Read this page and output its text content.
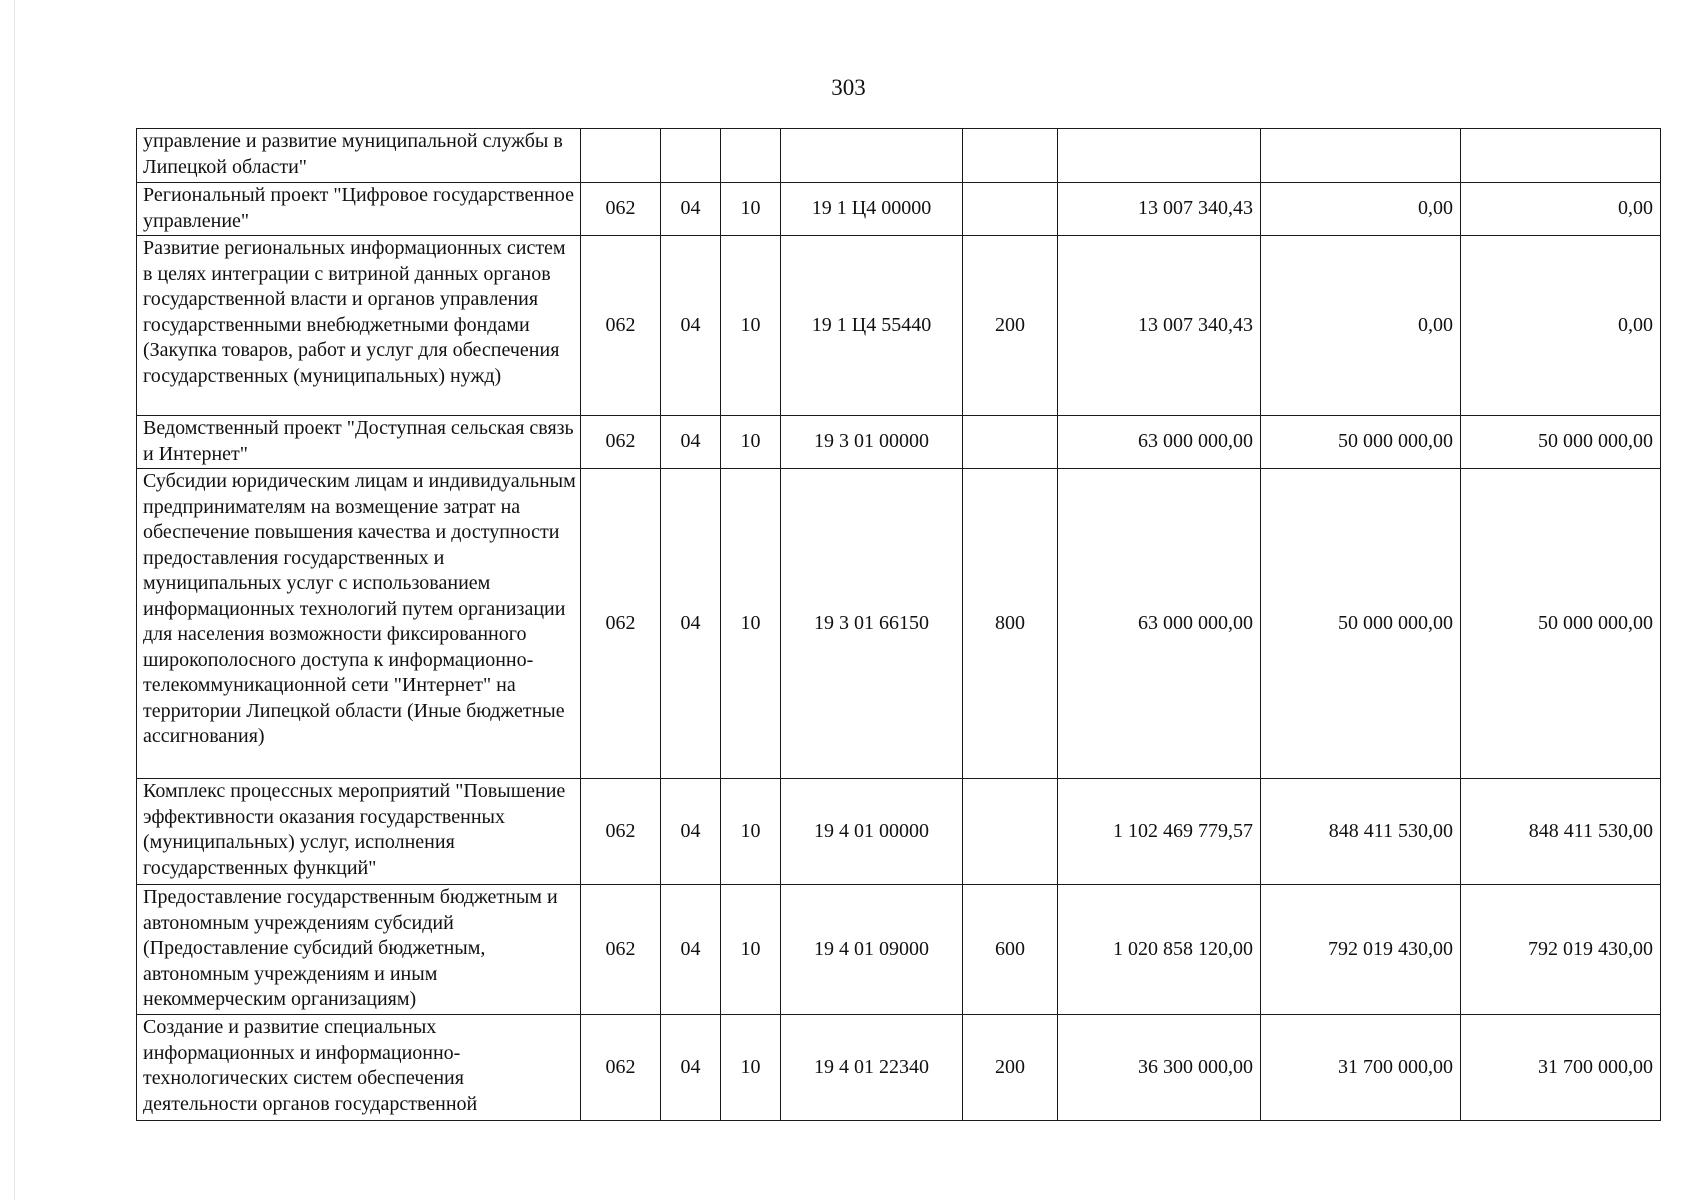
303
управление и развитие муниципальной службы в Липецкой области"								
Региональный проект "Цифровое государственное управление"	062	04	10	19 1 Ц4 00000		13 007 340,43	0,00	0,00
Развитие региональных информационных систем в целях интеграции с витриной данных органов государственной власти и органов управления государственными внебюджетными фондами (Закупка товаров, работ и услуг для обеспечения государственных (муниципальных) нужд)	062	04	10	19 1 Ц4 55440	200	13 007 340,43	0,00	0,00
Ведомственный проект "Доступная сельская связь и Интернет"	062	04	10	19 3 01 00000		63 000 000,00	50 000 000,00	50 000 000,00
Субсидии юридическим лицам и индивидуальным предпринимателям на возмещение затрат на обеспечение повышения качества и доступности предоставления государственных и муниципальных услуг с использованием информационных технологий путем организации для населения возможности фиксированного широкополосного доступа к информационно-телекоммуникационной сети "Интернет" на территории Липецкой области (Иные бюджетные ассигнования)	062	04	10	19 3 01 66150	800	63 000 000,00	50 000 000,00	50 000 000,00
Комплекс процессных мероприятий "Повышение эффективности оказания государственных (муниципальных) услуг, исполнения государственных функций"	062	04	10	19 4 01 00000		1 102 469 779,57	848 411 530,00	848 411 530,00
Предоставление государственным бюджетным и автономным учреждениям субсидий (Предоставление субсидий бюджетным, автономным учреждениям и иным некоммерческим организациям)	062	04	10	19 4 01 09000	600	1 020 858 120,00	792 019 430,00	792 019 430,00
Создание и развитие специальных информационных и информационно-технологических систем обеспечения деятельности органов государственной	062	04	10	19 4 01 22340	200	36 300 000,00	31 700 000,00	31 700 000,00
